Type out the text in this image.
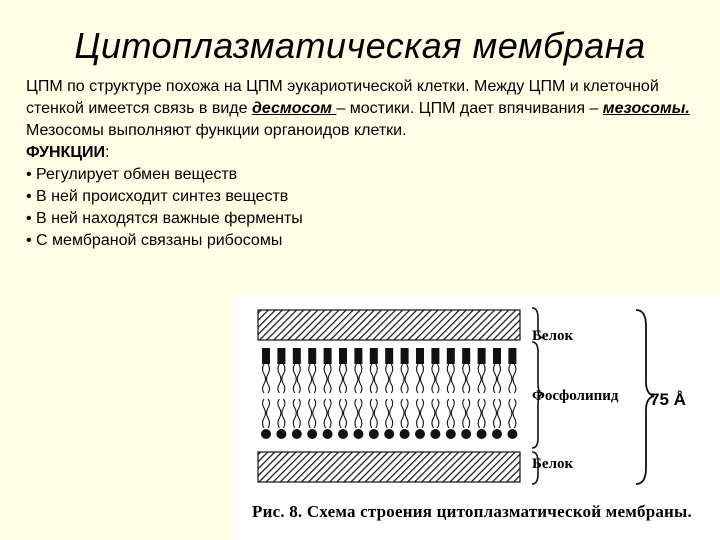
Цитоплазматическая мембрана

ЦПМ по структуре похожа на ЦПМ эукариотической клетки. Между ЦПМ и клеточной стенкой имеется связь в виде десмосом – мостики. ЦПМ дает впячивания – мезосомы. Мезосомы выполняют функции органоидов клетки.

ФУНКЦИИ:

• Регулирует обмен веществ
• В ней происходит синтез веществ
• В ней находятся важные ферменты
• С мембраной связаны рибосомы
Белок
Фосфолипид
Белок
75 Å
Рис. 8. Схема строения цитоплазматической мембраны.
